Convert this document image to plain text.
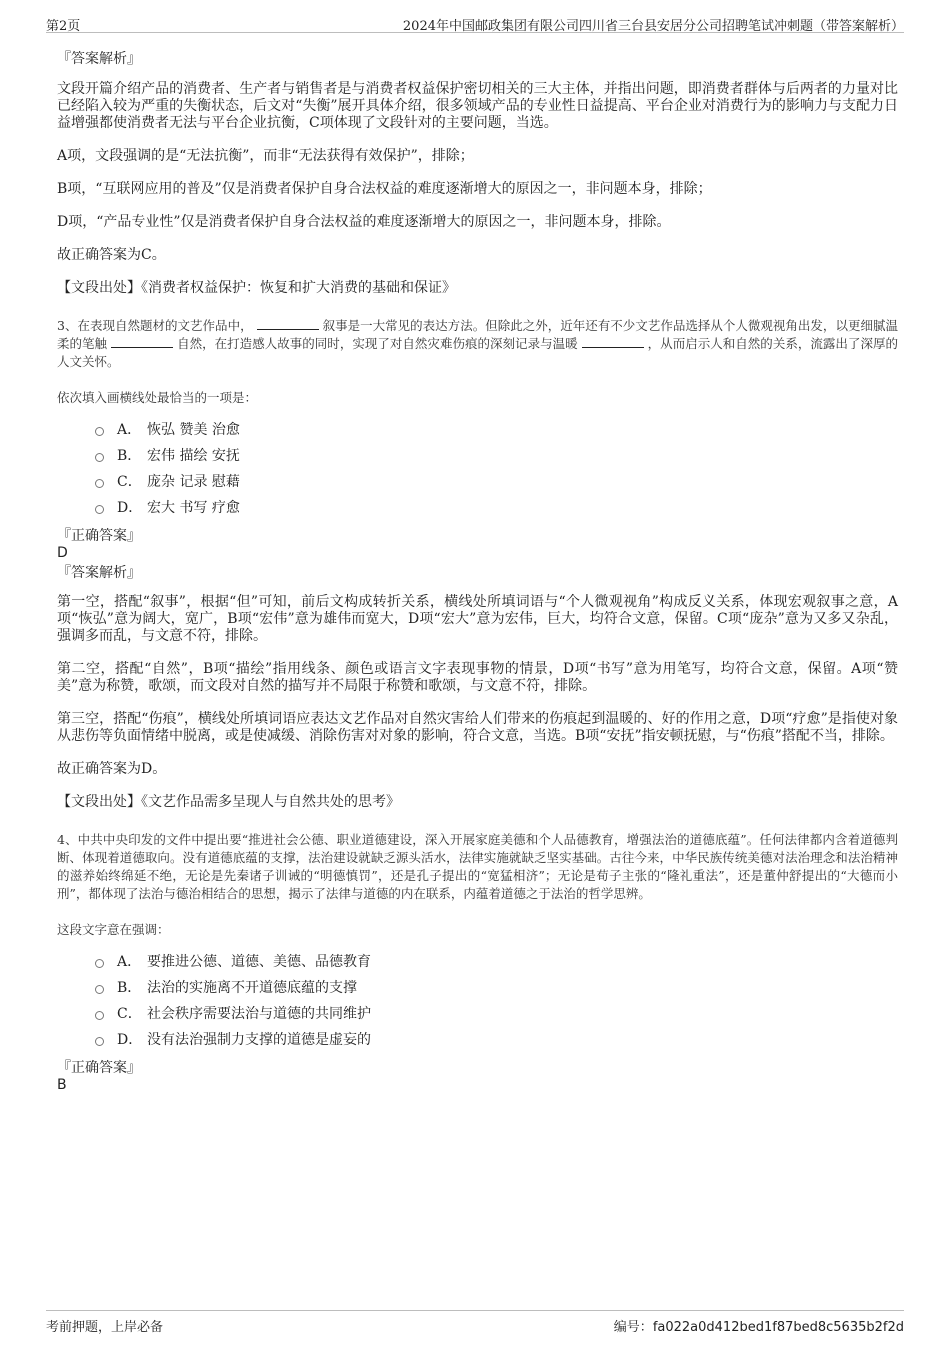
第2页	2024年中国邮政集团有限公司四川省三台县安居分公司招聘笔试冲刺题（带答案解析）

『答案解析』

文段开篇介绍产品的消费者、生产者与销售者是与消费者权益保护密切相关的三大主体，并指出问题，即消费者群体与后两者的力量对比已经陷入较为严重的失衡状态，后文对“失衡”展开具体介绍，很多领域产品的专业性日益提高、平台企业对消费行为的影响力与支配力日益增强都使消费者无法与平台企业抗衡，C项体现了文段针对的主要问题，当选。

A项，文段强调的是“无法抗衡”，而非“无法获得有效保护”，排除；

B项，“互联网应用的普及”仅是消费者保护自身合法权益的难度逐渐增大的原因之一，非问题本身，排除；

D项，“产品专业性”仅是消费者保护自身合法权益的难度逐渐增大的原因之一，非问题本身，排除。

故正确答案为C。

【文段出处】《消费者权益保护：恢复和扩大消费的基础和保证》

3、在表现自然题材的文艺作品中，	叙事是一大常见的表达方法。但除此之外，近年还有不少文艺作品选择从个人微观视角出发，以更细腻温柔的笔触	自然，在打造感人故事的同时，实现了对自然灾难伤痕的深刻记录与温暖	，从而启示人和自然的关系，流露出了深厚的人文关怀。

依次填入画横线处最恰当的一项是：

A． 恢弘 赞美 治愈
B． 宏伟 描绘 安抚
C． 庞杂 记录 慰藉
D． 宏大 书写 疗愈

『正确答案』

D

『答案解析』

第一空，搭配“叙事”，根据“但”可知，前后文构成转折关系，横线处所填词语与“个人微观视角”构成反义关系，体现宏观叙事之意，A项“恢弘”意为阔大，宽广，B项“宏伟”意为雄伟而宽大，D项“宏大”意为宏伟，巨大，均符合文意，保留。C项“庞杂”意为又多又杂乱，强调多而乱，与文意不符，排除。

第二空，搭配“自然”，B项“描绘”指用线条、颜色或语言文字表现事物的情景，D项“书写”意为用笔写，均符合文意，保留。A项“赞美”意为称赞，歌颂，而文段对自然的描写并不局限于称赞和歌颂，与文意不符，排除。

第三空，搭配“伤痕”，横线处所填词语应表达文艺作品对自然灾害给人们带来的伤痕起到温暖的、好的作用之意，D项“疗愈”是指使对象从悲伤等负面情绪中脱离，或是使减缓、消除伤害对对象的影响，符合文意，当选。B项“安抚”指安顿抚慰，与“伤痕”搭配不当，排除。

故正确答案为D。

【文段出处】《文艺作品需多呈现人与自然共处的思考》

4、中共中央印发的文件中提出要“推进社会公德、职业道德建设，深入开展家庭美德和个人品德教育，增强法治的道德底蕴”。任何法律都内含着道德判断、体现着道德取向。没有道德底蕴的支撑，法治建设就缺乏源头活水，法律实施就缺乏坚实基础。古往今来，中华民族传统美德对法治理念和法治精神的滋养始终绵延不绝，无论是先秦诸子训诫的“明德慎罚”，还是孔子提出的“宽猛相济”；无论是荀子主张的“隆礼重法”，还是董仲舒提出的“大德而小刑”，都体现了法治与德治相结合的思想，揭示了法律与道德的内在联系，内蕴着道德之于法治的哲学思辨。

这段文字意在强调：

A． 要推进公德、道德、美德、品德教育
B． 法治的实施离不开道德底蕴的支撑
C． 社会秩序需要法治与道德的共同维护
D． 没有法治强制力支撑的道德是虚妄的

『正确答案』

B

考前押题，上岸必备	编号：fa022a0d412bed1f87bed8c5635b2f2d
